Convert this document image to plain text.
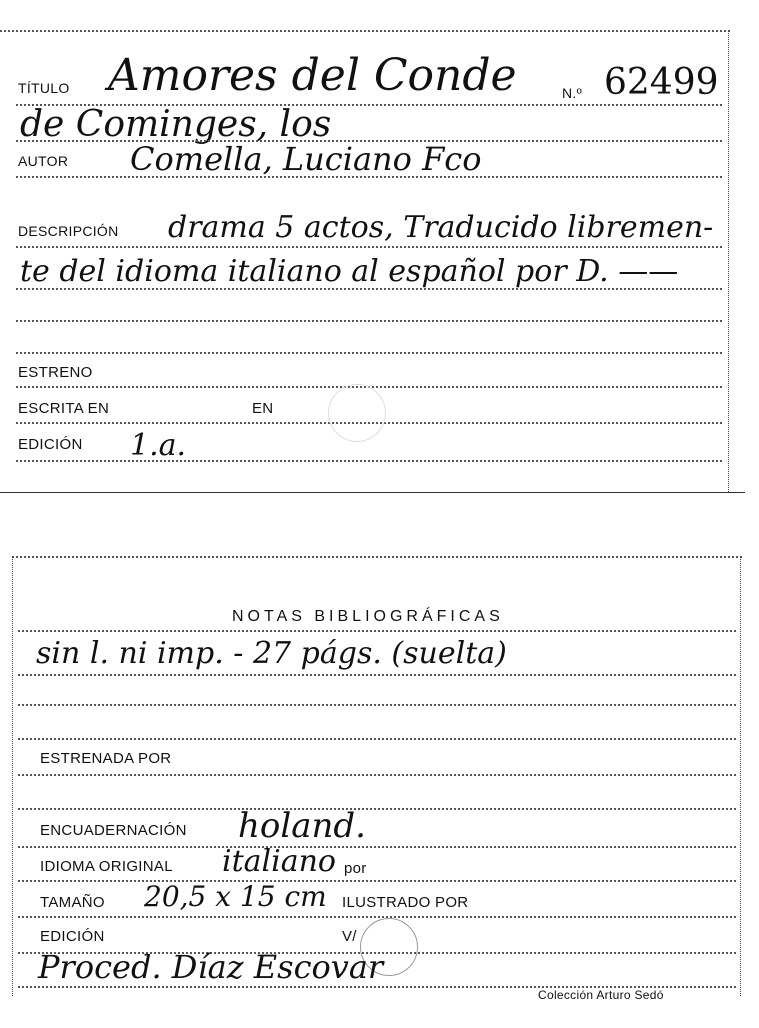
TÍTULO Amores del Conde	N.º 62499
de Cominges, los
AUTOR Comella, Luciano Fco
DESCRIPCIÓN drama 5 actos, Traducido libremen-
te del idioma italiano al español por D. ——
ESTRENO
ESCRITA EN	EN
EDICIÓN 1.a.
NOTAS BIBLIOGRÁFICAS
sin l. ni imp. - 27 págs. (suelta)
ESTRENADA POR
ENCUADERNACIÓN holand.
IDIOMA ORIGINAL italiano por
TAMAÑO 20,5 x 15 cm ILUSTRADO POR
EDICIÓN	V/
Proced. Díaz Escovar
Colección Arturo Sedó
